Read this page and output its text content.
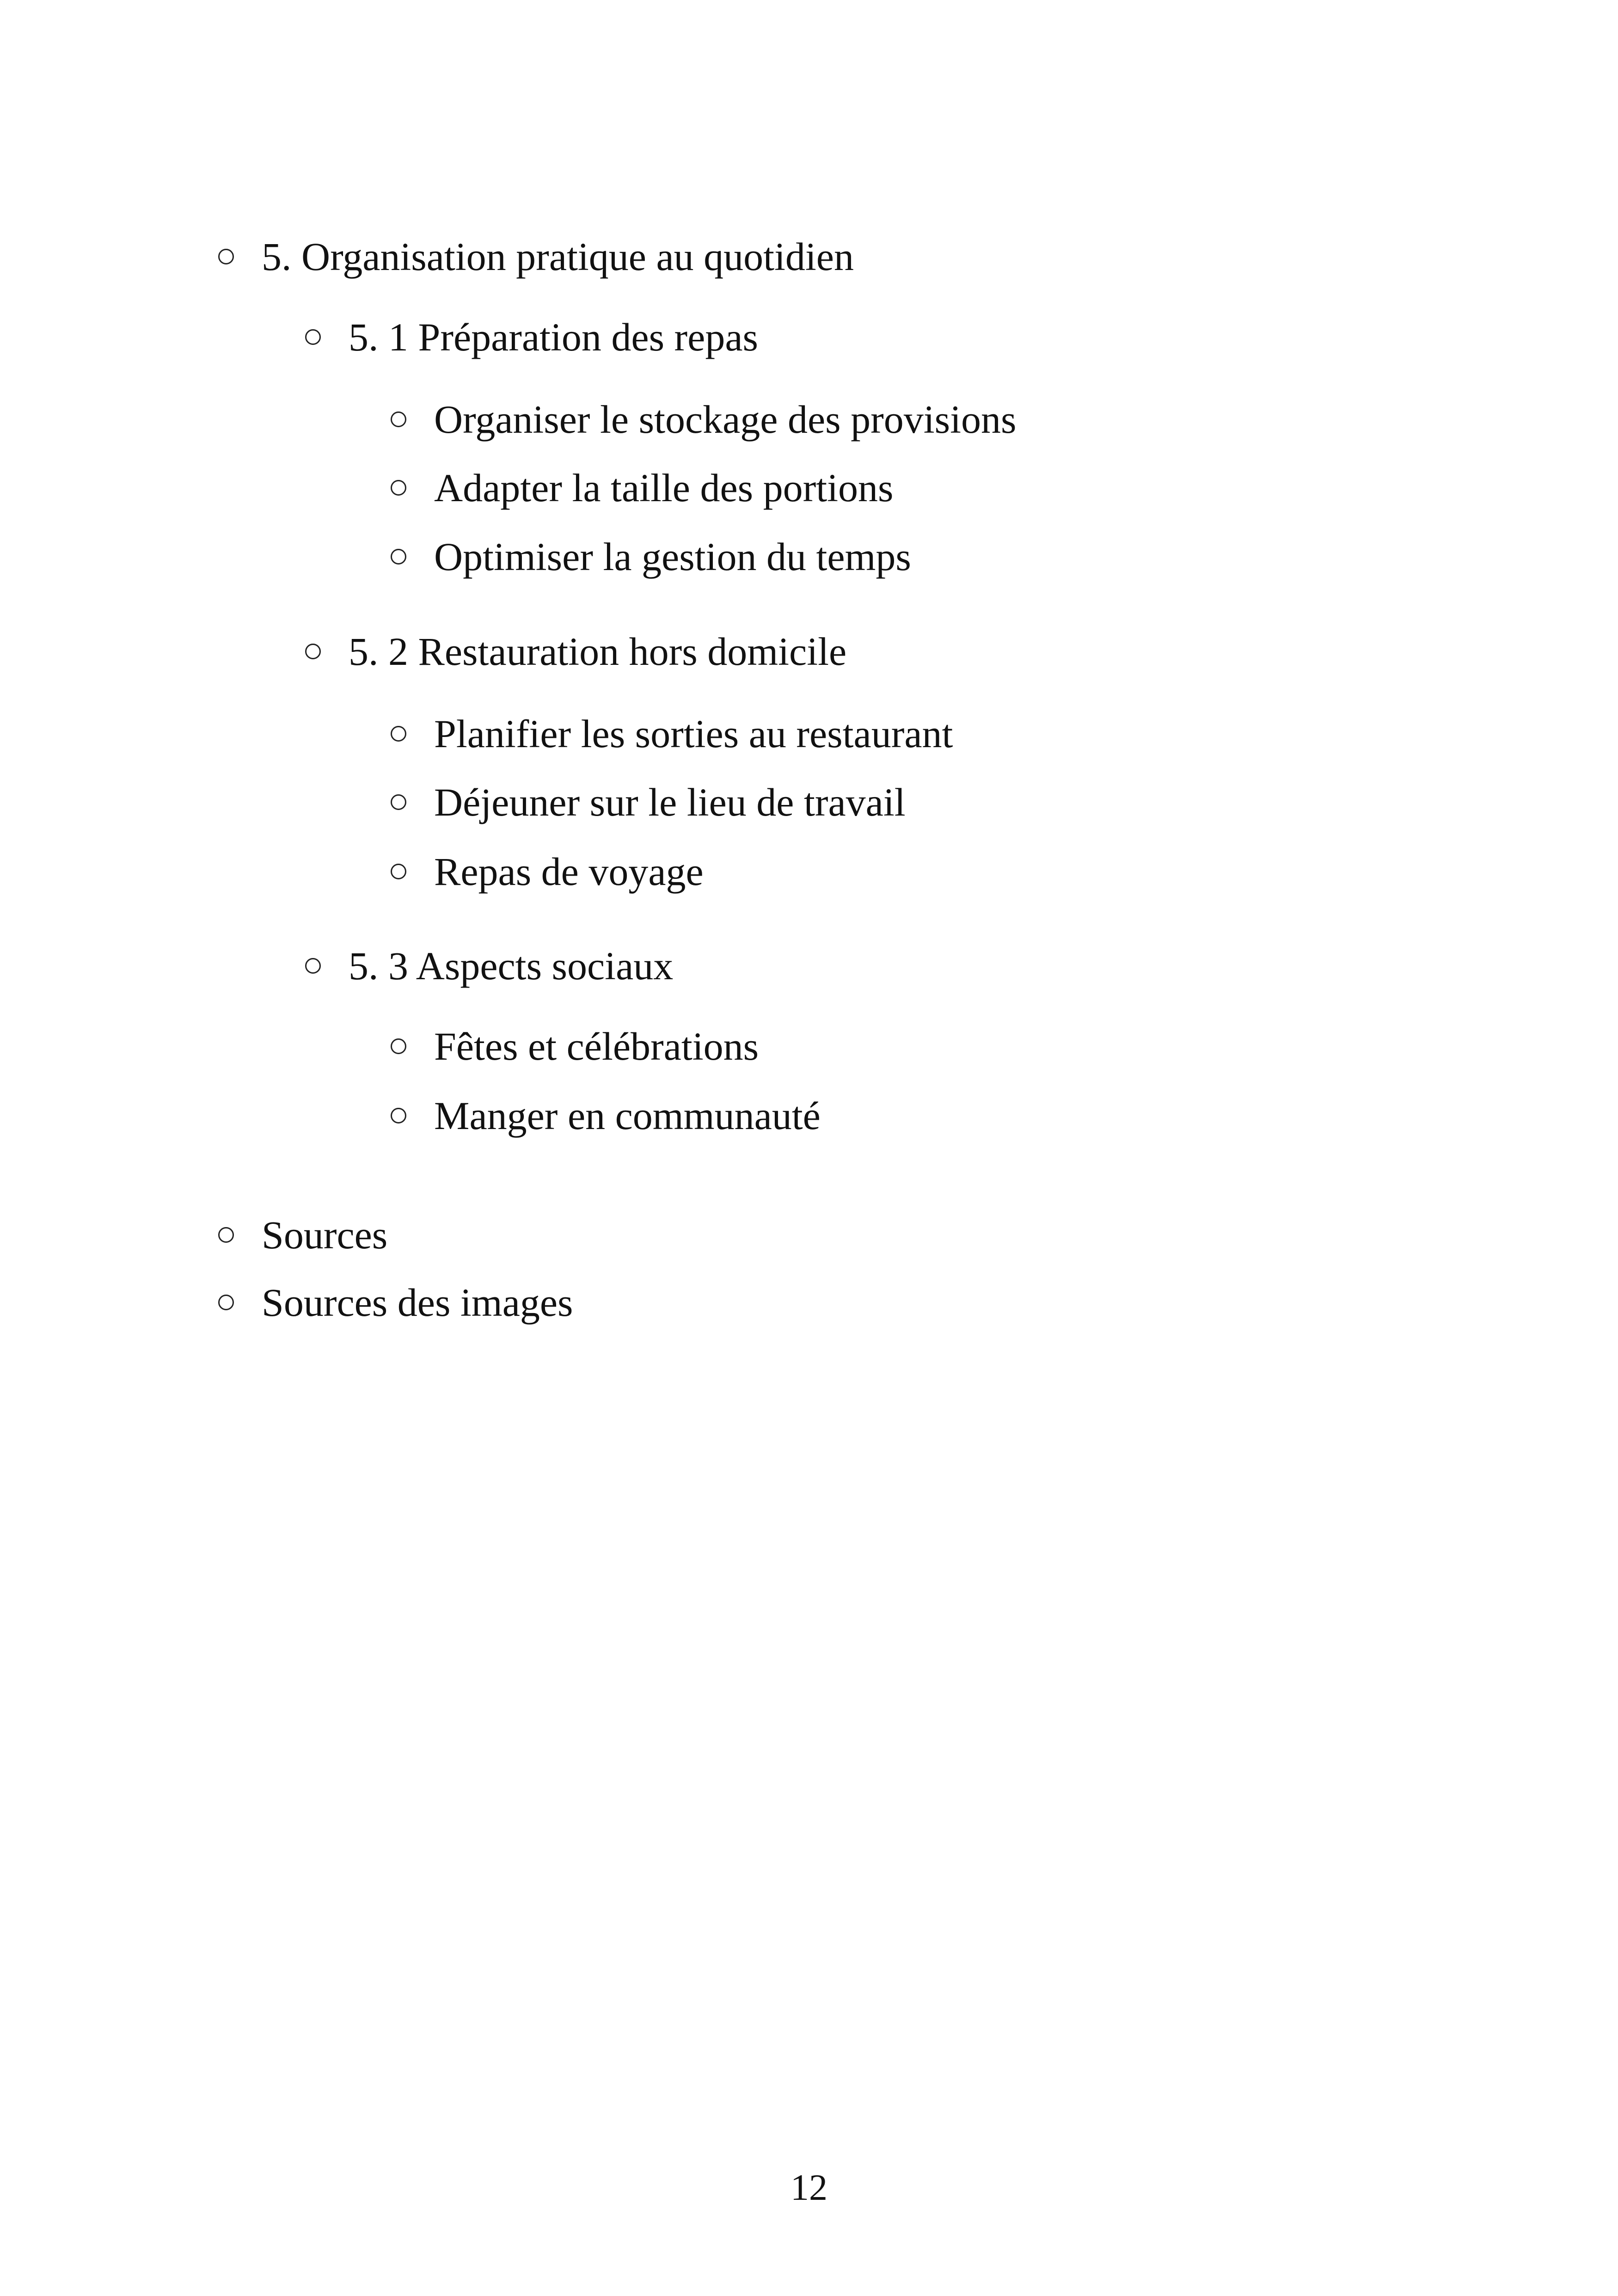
5. Organisation pratique au quotidien
5. 1 Préparation des repas
Organiser le stockage des provisions
Adapter la taille des portions
Optimiser la gestion du temps
5. 2 Restauration hors domicile
Planifier les sorties au restaurant
Déjeuner sur le lieu de travail
Repas de voyage
5. 3 Aspects sociaux
Fêtes et célébrations
Manger en communauté
Sources
Sources des images
12
